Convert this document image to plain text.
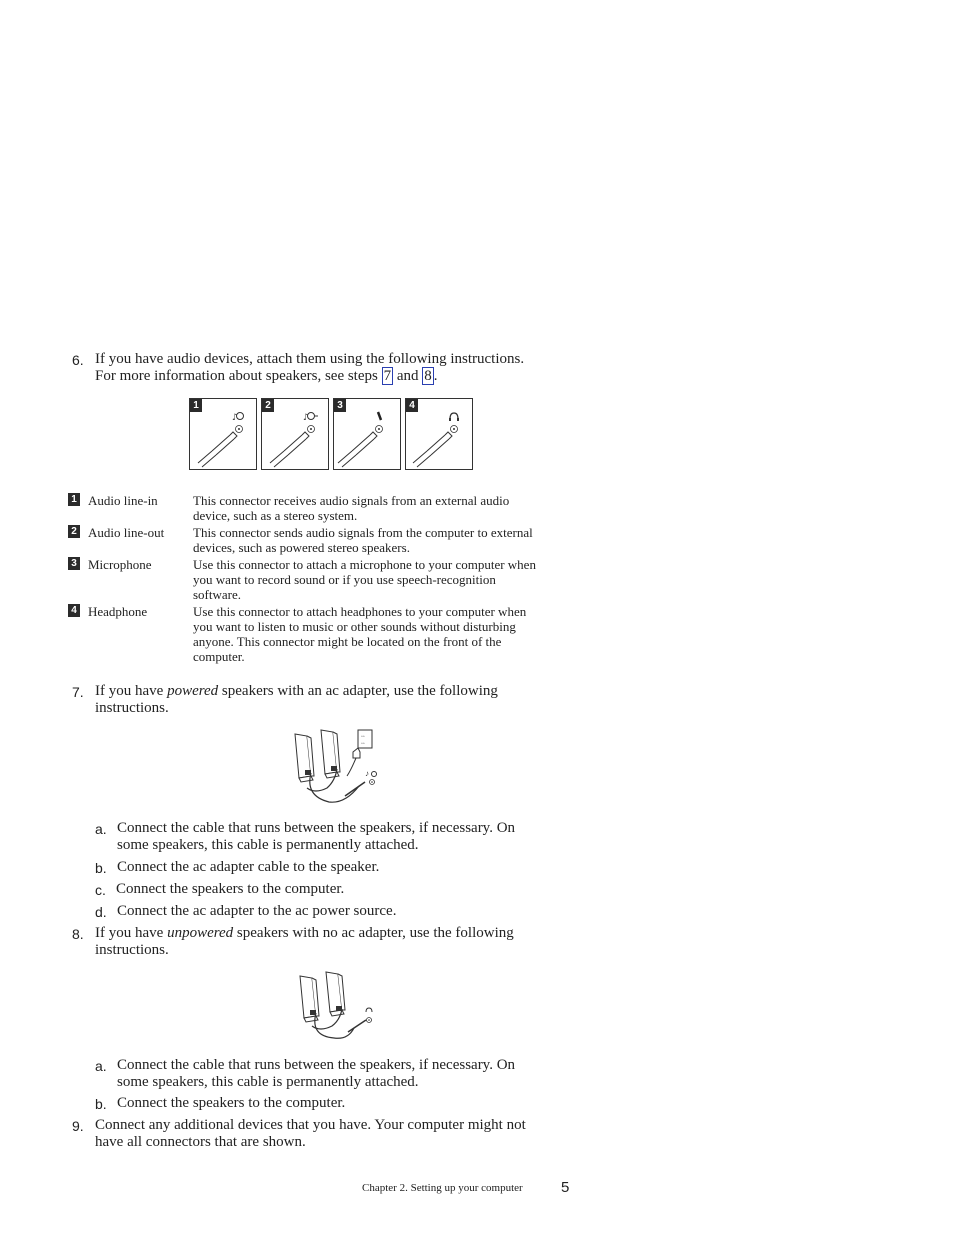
6. If you have audio devices, attach them using the following instructions.
For more information about speakers, see steps 7 and 8 .
1
♪
2
♪
3	4
1 Audio line-in	This connector receives audio signals from an external audio
device, such as a stereo system.
2 Audio line-out	This connector sends audio signals from the computer to external
devices, such as powered stereo speakers.
3 Microphone	Use this connector to attach a microphone to your computer when
you want to record sound or if you use speech-recognition
software.
4 Headphone	Use this connector to attach headphones to your computer when
you want to listen to music or other sounds without disturbing
anyone. This connector might be located on the front of the
computer.
7. If you have powered speakers with an ac adapter, use the following
instructions.
▫▫
▫▫
♪
a. Connect the cable that runs between the speakers, if necessary. On
some speakers, this cable is permanently attached.
b. Connect the ac adapter cable to the speaker.
c. Connect the speakers to the computer.
d. Connect the ac adapter to the ac power source.
8. If you have unpowered speakers with no ac adapter, use the following
instructions.
a. Connect the cable that runs between the speakers, if necessary. On
some speakers, this cable is permanently attached.
b. Connect the speakers to the computer.
9. Connect any additional devices that you have. Your computer might not
have all connectors that are shown.
Chapter 2. Setting up your computer	5
